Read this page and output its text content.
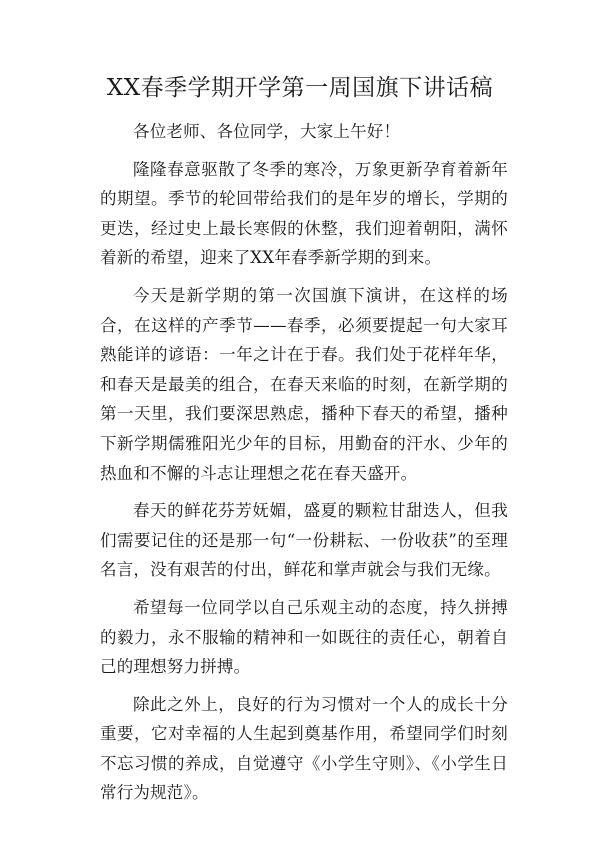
XX春季学期开学第一周国旗下讲话稿

各位老师、各位同学，大家上午好！

隆隆春意驱散了冬季的寒冷，万象更新孕育着新年的期望。季节的轮回带给我们的是年岁的增长，学期的更迭，经过史上最长寒假的休整，我们迎着朝阳，满怀着新的希望，迎来了XX年春季新学期的到来。

今天是新学期的第一次国旗下演讲，在这样的场合，在这样的产季节——春季，必须要提起一句大家耳熟能详的谚语：一年之计在于春。我们处于花样年华，和春天是最美的组合，在春天来临的时刻，在新学期的第一天里，我们要深思熟虑，播种下春天的希望，播种下新学期儒雅阳光少年的目标，用勤奋的汗水、少年的热血和不懈的斗志让理想之花在春天盛开。

春天的鲜花芬芳妩媚，盛夏的颗粒甘甜迭人，但我们需要记住的还是那一句“一份耕耘、一份收获”的至理名言，没有艰苦的付出，鲜花和掌声就会与我们无缘。

希望每一位同学以自己乐观主动的态度，持久拼搏的毅力，永不服输的精神和一如既往的责任心，朝着自己的理想努力拼搏。

除此之外上，良好的行为习惯对一个人的成长十分重要，它对幸福的人生起到奠基作用，希望同学们时刻不忘习惯的养成，自觉遵守《小学生守则》、《小学生日常行为规范》。
